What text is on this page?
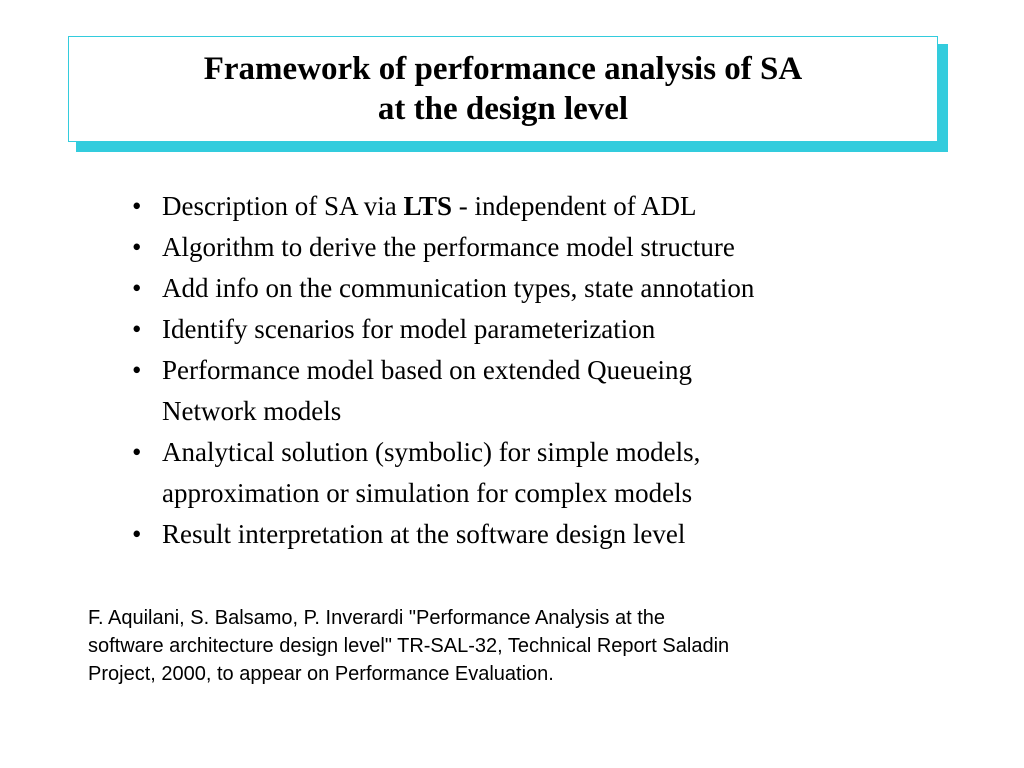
Framework of performance analysis of SA
at the design level
• Description of SA via LTS - independent of ADL
• Algorithm to derive the performance model structure
• Add info on the communication types, state annotation
• Identify scenarios for model parameterization
• Performance model based on extended Queueing
Network models
• Analytical solution (symbolic) for simple models,
approximation or simulation for complex models
• Result interpretation at the software design level
F. Aquilani, S. Balsamo, P. Inverardi "Performance Analysis at the
software architecture design level" TR-SAL-32, Technical Report Saladin
Project, 2000, to appear on Performance Evaluation.
